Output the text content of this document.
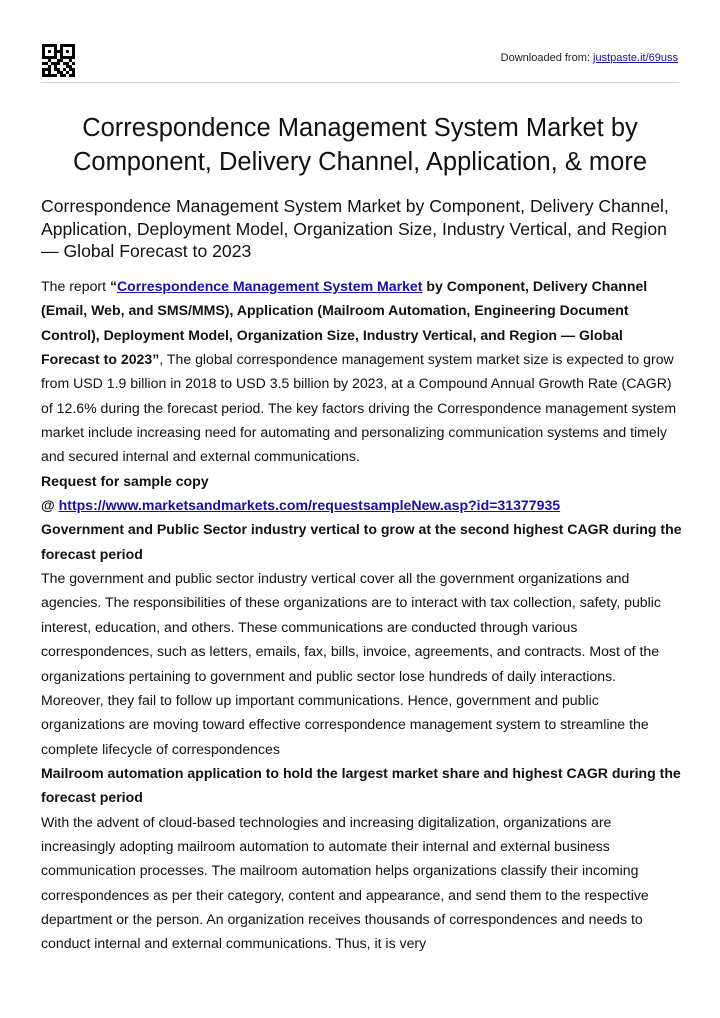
Downloaded from: justpaste.it/69uss
Correspondence Management System Market by Component, Delivery Channel, Application, & more
Correspondence Management System Market by Component, Delivery Channel, Application, Deployment Model, Organization Size, Industry Vertical, and Region — Global Forecast to 2023

The report “Correspondence Management System Market by Component, Delivery Channel (Email, Web, and SMS/MMS), Application (Mailroom Automation, Engineering Document Control), Deployment Model, Organization Size, Industry Vertical, and Region — Global Forecast to 2023”, The global correspondence management system market size is expected to grow from USD 1.9 billion in 2018 to USD 3.5 billion by 2023, at a Compound Annual Growth Rate (CAGR) of 12.6% during the forecast period. The key factors driving the Correspondence management system market include increasing need for automating and personalizing communication systems and timely and secured internal and external communications.

Request for sample copy

@ https://www.marketsandmarkets.com/requestsampleNew.asp?id=31377935

Government and Public Sector industry vertical to grow at the second highest CAGR during the forecast period

The government and public sector industry vertical cover all the government organizations and agencies. The responsibilities of these organizations are to interact with tax collection, safety, public interest, education, and others. These communications are conducted through various correspondences, such as letters, emails, fax, bills, invoice, agreements, and contracts. Most of the organizations pertaining to government and public sector lose hundreds of daily interactions. Moreover, they fail to follow up important communications. Hence, government and public organizations are moving toward effective correspondence management system to streamline the complete lifecycle of correspondences

Mailroom automation application to hold the largest market share and highest CAGR during the forecast period

With the advent of cloud-based technologies and increasing digitalization, organizations are increasingly adopting mailroom automation to automate their internal and external business communication processes. The mailroom automation helps organizations classify their incoming correspondences as per their category, content and appearance, and send them to the respective department or the person. An organization receives thousands of correspondences and needs to conduct internal and external communications. Thus, it is very
